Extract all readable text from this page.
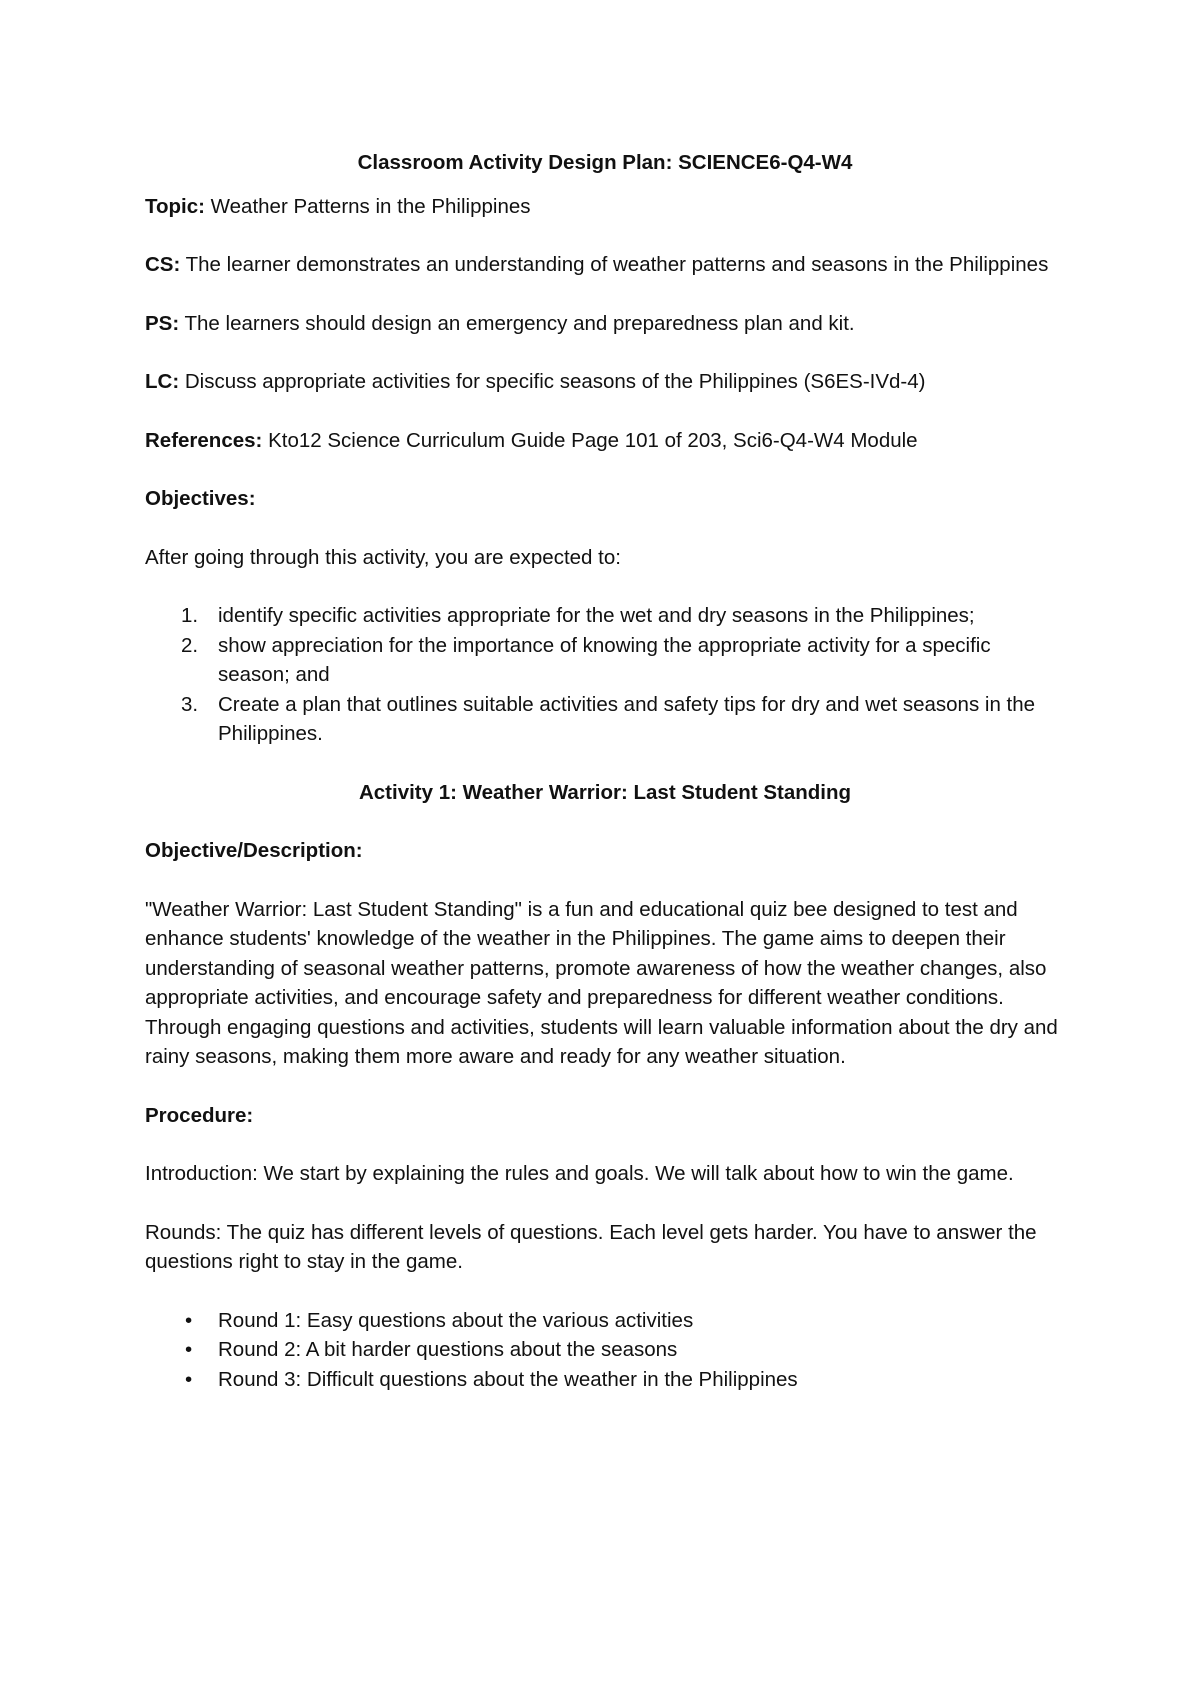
Classroom Activity Design Plan: SCIENCE6-Q4-W4
Topic: Weather Patterns in the Philippines
CS: The learner demonstrates an understanding of weather patterns and seasons in the Philippines
PS: The learners should design an emergency and preparedness plan and kit.
LC: Discuss appropriate activities for specific seasons of the Philippines (S6ES-IVd-4)
References: Kto12 Science Curriculum Guide Page 101 of 203, Sci6-Q4-W4 Module
Objectives:
After going through this activity, you are expected to:
1. identify specific activities appropriate for the wet and dry seasons in the Philippines;
2. show appreciation for the importance of knowing the appropriate activity for a specific season; and
3. Create a plan that outlines suitable activities and safety tips for dry and wet seasons in the Philippines.
Activity 1: Weather Warrior: Last Student Standing
Objective/Description:
"Weather Warrior: Last Student Standing" is a fun and educational quiz bee designed to test and enhance students' knowledge of the weather in the Philippines. The game aims to deepen their understanding of seasonal weather patterns, promote awareness of how the weather changes, also appropriate activities, and encourage safety and preparedness for different weather conditions. Through engaging questions and activities, students will learn valuable information about the dry and rainy seasons, making them more aware and ready for any weather situation.
Procedure:
Introduction: We start by explaining the rules and goals. We will talk about how to win the game.
Rounds: The quiz has different levels of questions. Each level gets harder. You have to answer the questions right to stay in the game.
• Round 1: Easy questions about the various activities
• Round 2: A bit harder questions about the seasons
• Round 3: Difficult questions about the weather in the Philippines
